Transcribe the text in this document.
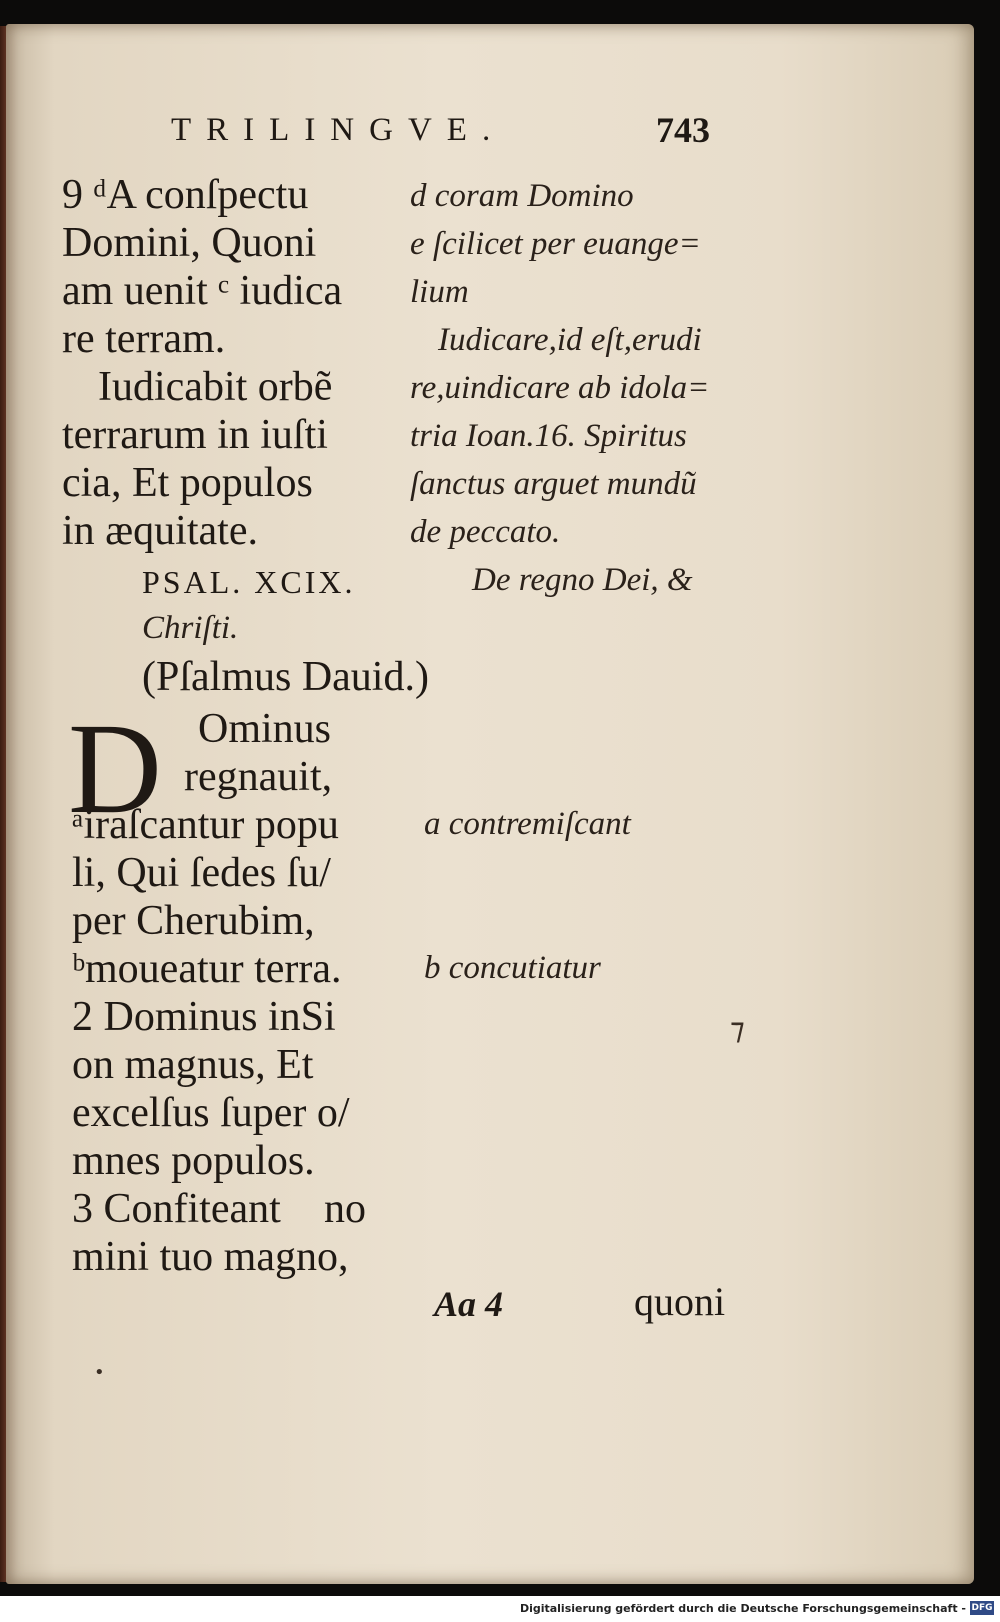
TRILINGVE.	743
9 ᵈA conſpectu
Domini, Quoni
am uenit ᶜ iudica
re terram.
Iudicabit orbẽ
terrarum in iuſti
cia, Et populos
in æquitate.
d coram Domino
e ſcilicet per euange=
lium
Iudicare,id eſt,erudi
re,uindicare ab idola=
tria Ioan.16. Spiritus
ſanctus arguet mundũ
de peccato.
PSAL. XCIX.	De regno Dei, &
Chriſti.
(Pſalmus Dauid.)
D Ominus
regnauit,
ᵃiraſcantur popu
li, Qui ſedes ſu/
per Cherubim,
ᵇmoueatur terra.
2 Dominus inSi
on magnus, Et
excelſus ſuper o/
mnes populos.
3 Confiteantᷣ no
mini tuo magno,
a contremiſcant
b concutiatur
⁊
•
Aa 4	quoni
Digitalisierung gefördert durch die Deutsche Forschungsgemeinschaft - DFG
